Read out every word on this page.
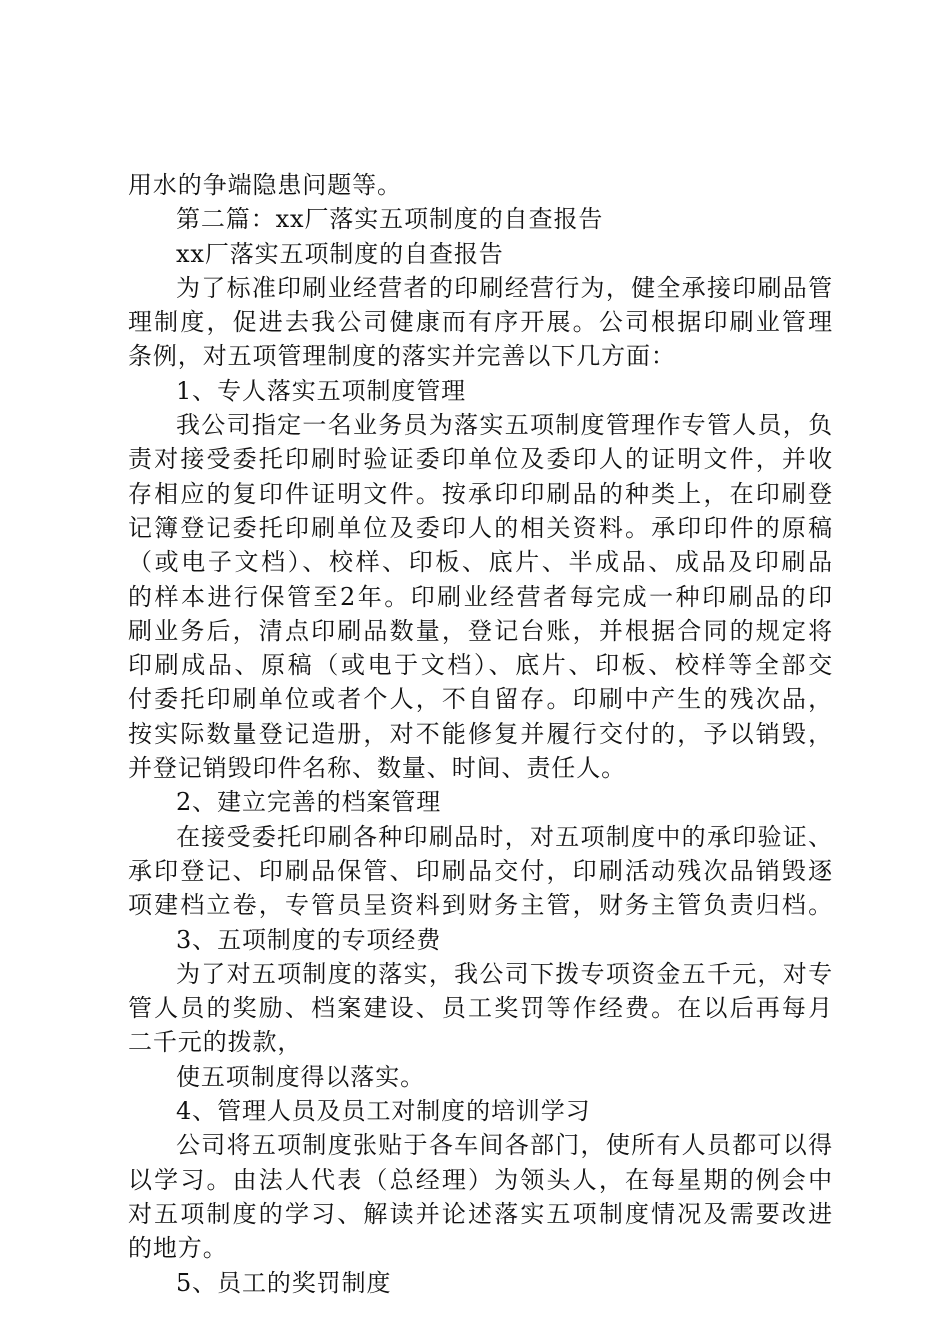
用水的争端隐患问题等。
第二篇：xx厂落实五项制度的自查报告
xx厂落实五项制度的自查报告
为了标准印刷业经营者的印刷经营行为，健全承接印刷品管
理制度，促进去我公司健康而有序开展。公司根据印刷业管理
条例，对五项管理制度的落实并完善以下几方面：
1、专人落实五项制度管理
我公司指定一名业务员为落实五项制度管理作专管人员，负
责对接受委托印刷时验证委印单位及委印人的证明文件，并收
存相应的复印件证明文件。按承印印刷品的种类上，在印刷登
记簿登记委托印刷单位及委印人的相关资料。承印印件的原稿
（或电子文档）、校样、印板、底片、半成品、成品及印刷品
的样本进行保管至2年。印刷业经营者每完成一种印刷品的印
刷业务后，清点印刷品数量，登记台账，并根据合同的规定将
印刷成品、原稿（或电于文档）、底片、印板、校样等全部交
付委托印刷单位或者个人，不自留存。印刷中产生的残次品，
按实际数量登记造册，对不能修复并履行交付的，予以销毁，
并登记销毁印件名称、数量、时间、责任人。
2、建立完善的档案管理
在接受委托印刷各种印刷品时，对五项制度中的承印验证、
承印登记、印刷品保管、印刷品交付，印刷活动残次品销毁逐
项建档立卷，专管员呈资料到财务主管，财务主管负责归档。
3、五项制度的专项经费
为了对五项制度的落实，我公司下拨专项资金五千元，对专
管人员的奖励、档案建设、员工奖罚等作经费。在以后再每月
二千元的拨款，
使五项制度得以落实。
4、管理人员及员工对制度的培训学习
公司将五项制度张贴于各车间各部门，使所有人员都可以得
以学习。由法人代表（总经理）为领头人，在每星期的例会中
对五项制度的学习、解读并论述落实五项制度情况及需要改进
的地方。
5、员工的奖罚制度
